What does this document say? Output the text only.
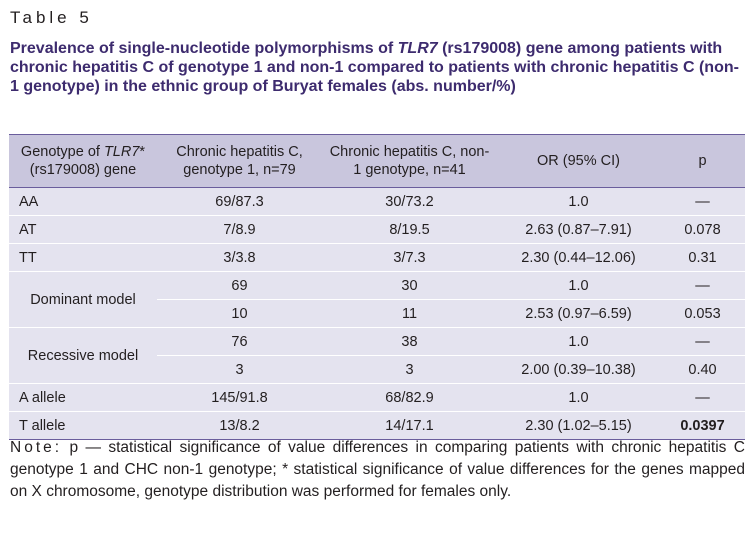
Table 5
Prevalence of single-nucleotide polymorphisms of TLR7 (rs179008) gene among patients with chronic hepatitis C of genotype 1 and non-1 compared to patients with chronic hepatitis C (non-1 genotype) in the ethnic group of Buryat females (abs. number/%)
Genotype of TLR7* (rs179008) gene	Chronic hepatitis C, genotype 1, n=79	Chronic hepatitis C, non-1 genotype, n=41	OR (95% CI)	p
AA	69/87.3	30/73.2	1.0	—
AT	7/8.9	8/19.5	2.63 (0.87–7.91)	0.078
TT	3/3.8	3/7.3	2.30 (0.44–12.06)	0.31
Dominant model	69	30	1.0	—
	10	11	2.53 (0.97–6.59)	0.053
Recessive model	76	38	1.0	—
	3	3	2.00 (0.39–10.38)	0.40
A allele	145/91.8	68/82.9	1.0	—
T allele	13/8.2	14/17.1	2.30 (1.02–5.15)	0.0397
Note: p — statistical significance of value differences in comparing patients with chronic hepatitis C genotype 1 and CHC non-1 genotype; * statistical significance of value differences for the genes mapped on X chromosome, genotype distribution was performed for females only.
